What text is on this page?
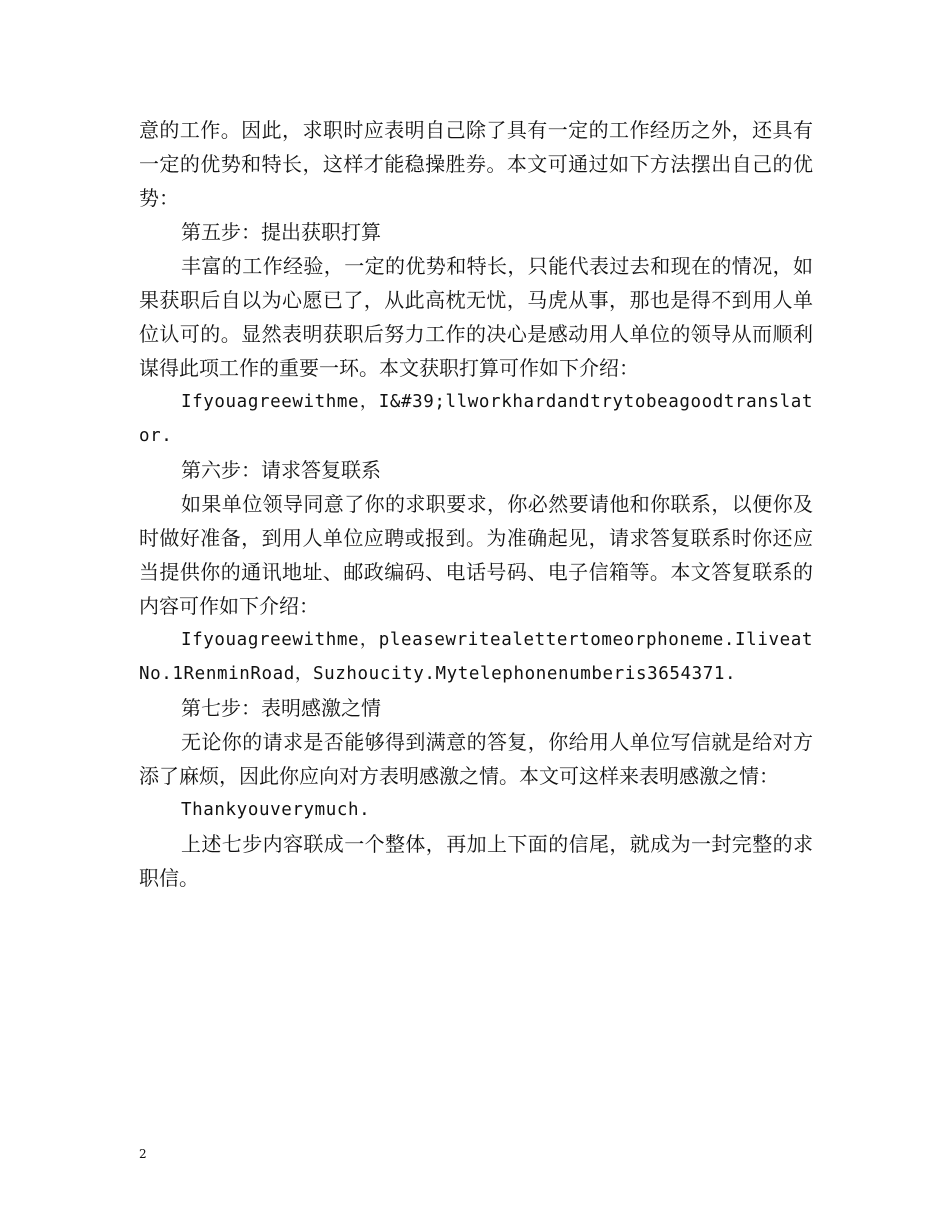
意的工作。因此，求职时应表明自己除了具有一定的工作经历之外，还具有一定的优势和特长，这样才能稳操胜券。本文可通过如下方法摆出自己的优势：

第五步：提出获职打算

丰富的工作经验，一定的优势和特长，只能代表过去和现在的情况，如果获职后自以为心愿已了，从此高枕无忧，马虎从事，那也是得不到用人单位认可的。显然表明获职后努力工作的决心是感动用人单位的领导从而顺利谋得此项工作的重要一环。本文获职打算可作如下介绍：

Ifyouagreewithme，I&#39;llworkhardandtrytobeagoodtranslator.

第六步：请求答复联系

如果单位领导同意了你的求职要求，你必然要请他和你联系，以便你及时做好准备，到用人单位应聘或报到。为准确起见，请求答复联系时你还应当提供你的通讯地址、邮政编码、电话号码、电子信箱等。本文答复联系的内容可作如下介绍：

Ifyouagreewithme，pleasewritealettertomeorphoneme.IliveatNo.1RenminRoad，Suzhoucity.Mytelephonenumberis3654371.

第七步：表明感激之情

无论你的请求是否能够得到满意的答复，你给用人单位写信就是给对方添了麻烦，因此你应向对方表明感激之情。本文可这样来表明感激之情：

Thankyouverymuch.

上述七步内容联成一个整体，再加上下面的信尾，就成为一封完整的求职信。

2
